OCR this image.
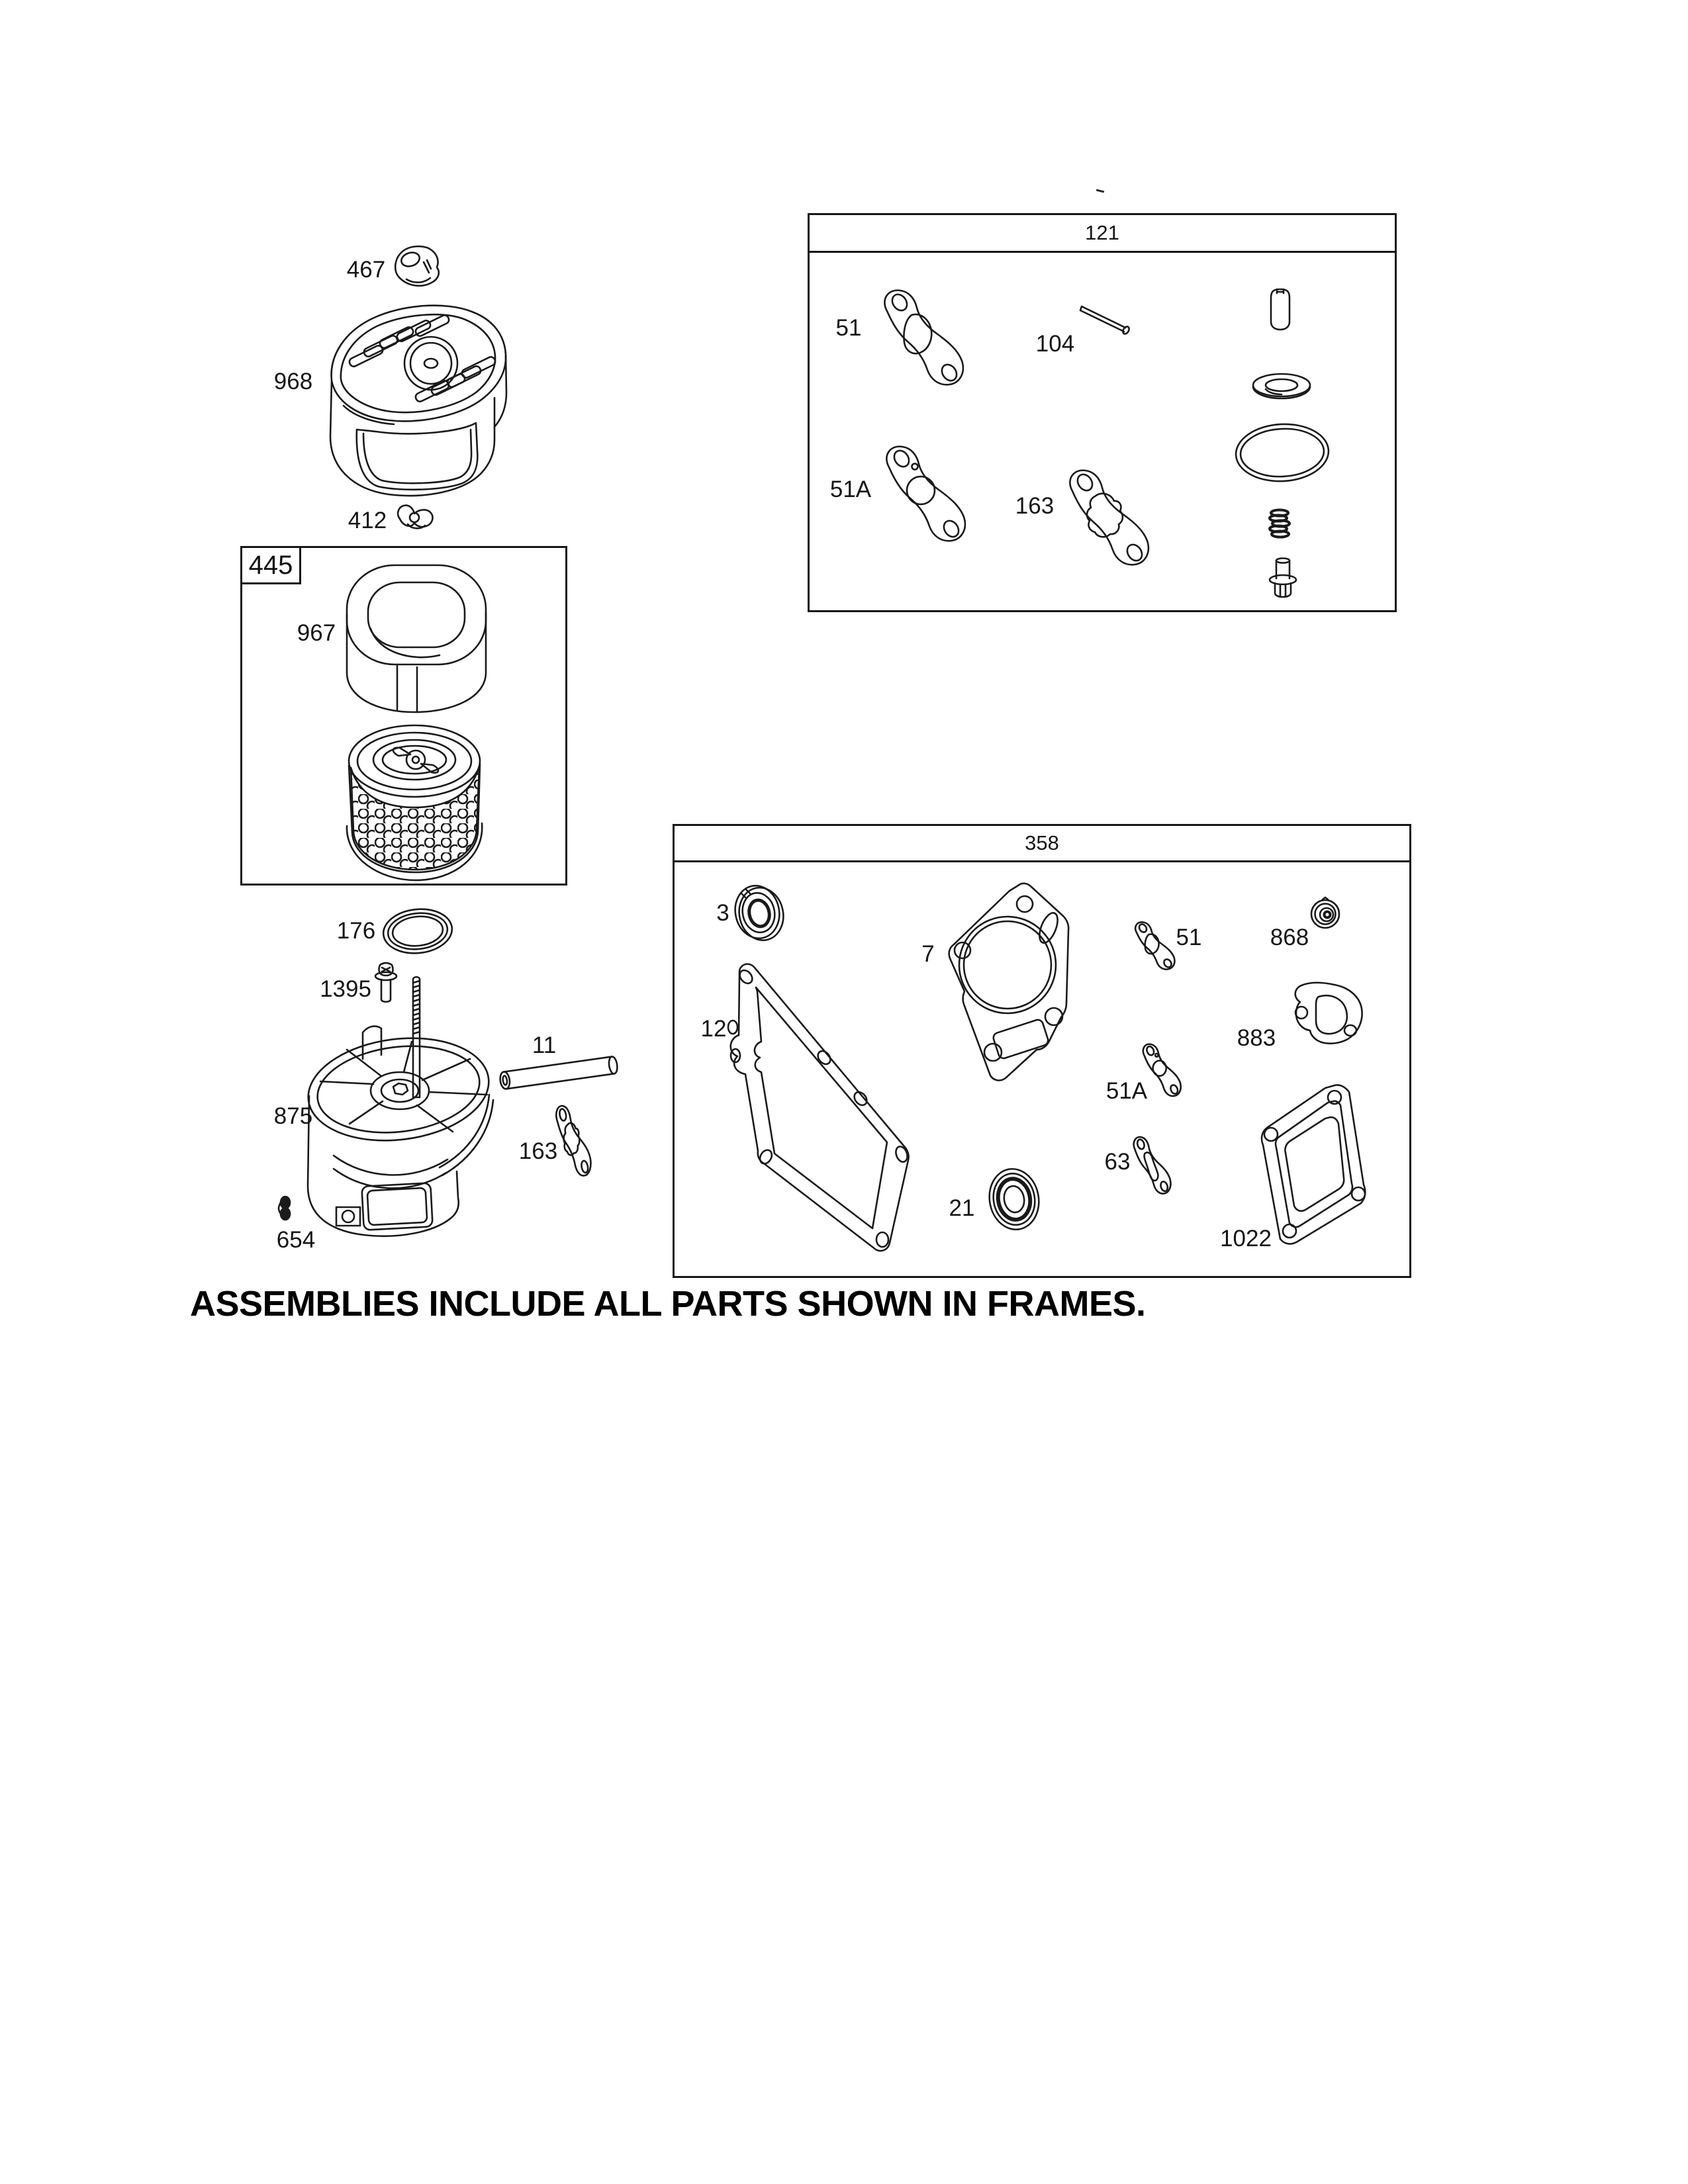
445
121
358
467
968
412
967
176
1395
11
875
163
654
51
104
51A
163
3
7
12
51	868
883
51A
21
63
1022
ASSEMBLIES INCLUDE ALL PARTS SHOWN IN FRAMES.
